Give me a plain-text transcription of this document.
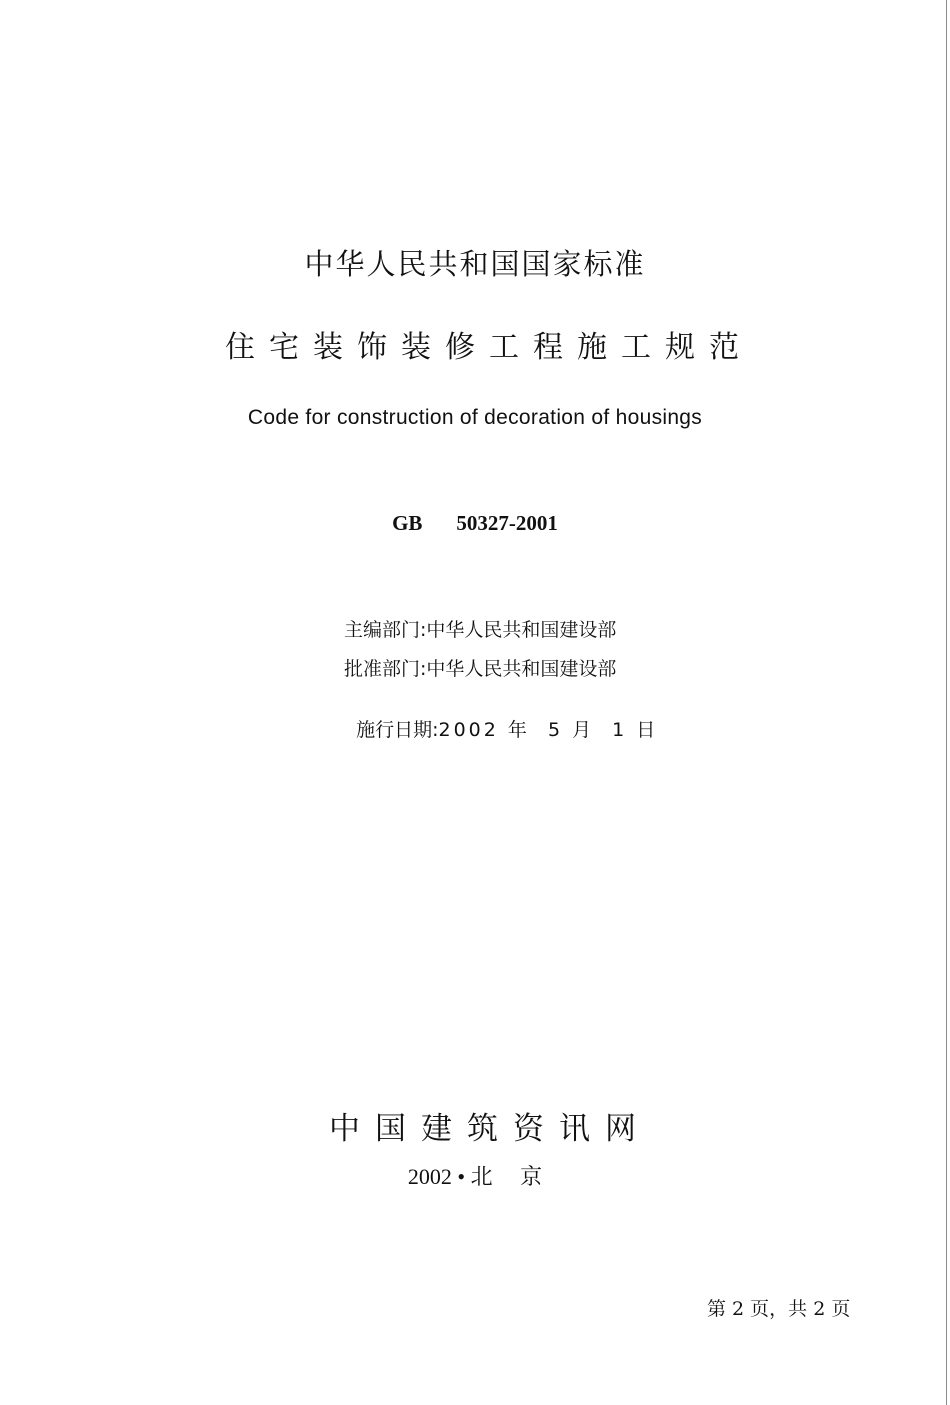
中华人民共和国国家标准
住宅装饰装修工程施工规范
Code for construction of decoration of housings
GB 50327-2001
主编部门:中华人民共和国建设部
批准部门:中华人民共和国建设部

施行日期:2002 年  5 月  1 日

中国建筑资讯网
2002 • 北     京
第 2 页，共 2 页
